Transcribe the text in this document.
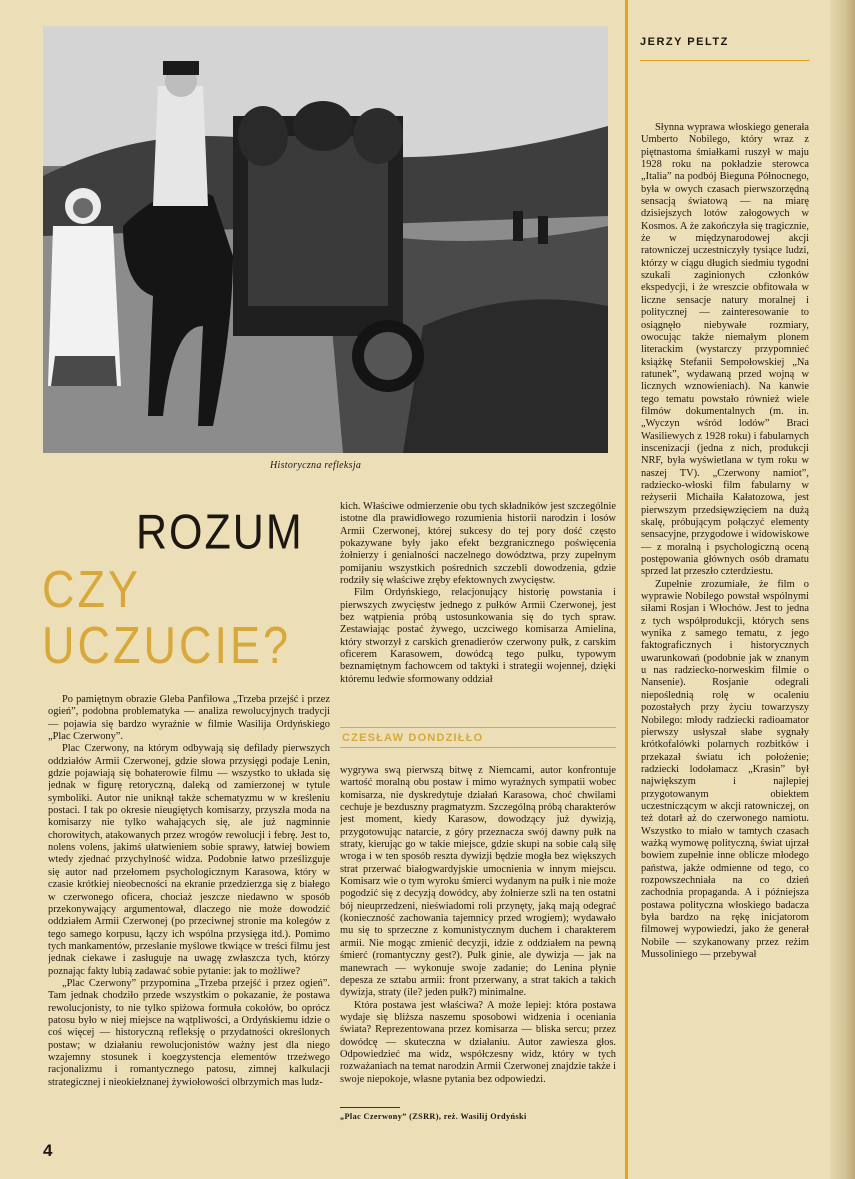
Historyczna refleksja
ROZUM
CZY
UCZUCIE?

Po pamiętnym obrazie Gleba Panfiłowa „Trzeba przejść i przez ogień”, podobna problematyka — analiza rewolucyjnych tradycji — pojawia się bardzo wyraźnie w filmie Wasilija Ordyńskiego „Plac Czerwony”.

Plac Czerwony, na którym odbywają się defilady pierwszych oddziałów Armii Czerwonej, gdzie słowa przysięgi podaje Lenin, gdzie pojawiają się bohaterowie filmu — wszystko to układa się jednak w figurę retoryczną, daleką od zamierzonej w tytule symboliki. Autor nie uniknął także schematyzmu w w kreśleniu postaci. I tak po okresie nieugiętych komisarzy, przyszła moda na komisarzy nie tylko wahających się, ale już nagminnie chorowitych, atakowanych przez wrogów rewolucji i febrę. Jest to, nolens volens, jakimś ułatwieniem sobie sprawy, łatwiej bowiem wtedy zjednać przychylność widza. Podobnie łatwo prześlizguje się autor nad przełomem psychologicznym Karasowa, który w czasie krótkiej nieobecności na ekranie przedzierzga się z białego w czerwonego oficera, chociaż jeszcze niedawno w sposób przekonywający argumentował, dlaczego nie może dowodzić oddziałem Armii Czerwonej (po przeciwnej stronie ma kolegów z tego samego korpusu, łączy ich wspólna przysięga itd.). Pomimo tych mankamentów, przesłanie myślowe tkwiące w treści filmu jest jednak ciekawe i zasługuje na uwagę zwłaszcza tych, którzy poznając fakty lubią zadawać sobie pytanie: jak to możliwe?

„Plac Czerwony” przypomina „Trzeba przejść i przez ogień”. Tam jednak chodziło przede wszystkim o pokazanie, że postawa rewolucjonisty, to nie tylko spiżowa formuła cokołów, bo oprócz patosu było w niej miejsce na wątpliwości, a Ordyńskiemu idzie o coś więcej — historyczną refleksję o przydatności określonych postaw; w działaniu rewolucjonistów ważny jest dla niego wzajemny stosunek i koegzystencja elementów trzeźwego racjonalizmu i romantycznego patosu, zimnej kalkulacji strategicznej i nieokiełznanej żywiołowości olbrzymich mas ludz-

kich. Właściwe odmierzenie obu tych składników jest szczególnie istotne dla prawidłowego rozumienia historii narodzin i losów Armii Czerwonej, której sukcesy do tej pory dość często pokazywane były jako efekt bezgranicznego poświęcenia żołnierzy i genialności naczelnego dowództwa, przy zupełnym pomijaniu wszystkich pośrednich szczebli dowodzenia, gdzie rodziły się właściwe zręby efektownych zwycięstw.

Film Ordyńskiego, relacjonujący historię powstania i pierwszych zwycięstw jednego z pułków Armii Czerwonej, jest bez wątpienia próbą ustosunkowania się do tych spraw. Zestawiając postać żywego, uczciwego komisarza Amielina, który stworzył z carskich grenadierów czerwony pułk, z carskim oficerem Karasowem, dowódcą tego pułku, typowym beznamiętnym fachowcem od taktyki i strategii wojennej, dzięki któremu ledwie sformowany oddział

CZESŁAW DONDZIŁŁO

wygrywa swą pierwszą bitwę z Niemcami, autor konfrontuje wartość moralną obu postaw i mimo wyraźnych sympatii wobec komisarza, nie dyskredytuje działań Karasowa, choć chwilami cechuje je bezduszny pragmatyzm. Szczególną próbą charakterów jest moment, kiedy Karasow, dowodzący już dywizją, przygotowując natarcie, z góry przeznacza swój dawny pułk na straty, kierując go w takie miejsce, gdzie skupi na sobie całą siłę wroga i w ten sposób reszta dywizji będzie mogła bez większych strat przerwać białogwardyjskie umocnienia w innym miejscu. Komisarz wie o tym wyroku śmierci wydanym na pułk i nie może pogodzić się z decyzją dowódcy, aby żołnierze szli na ten ostatni bój nieuprzedzeni, nieświadomi roli przynęty, jaką mają odegrać (konieczność zachowania tajemnicy przed wrogiem); wydawało mu się to sprzeczne z komunistycznym duchem i charakterem armii. Nie mogąc zmienić decyzji, idzie z oddziałem na pewną śmierć (romantyczny gest?). Pułk ginie, ale dywizja — jak na manewrach — wykonuje swoje zadanie; do Lenina płynie depesza ze sztabu armii: front przerwany, a strat takich a takich dywizja, straty (ile? jeden pułk?) minimalne.

Która postawa jest właściwa? A może lepiej: która postawa wydaje się bliższa naszemu sposobowi widzenia i oceniania świata? Reprezentowana przez komisarza — bliska sercu; przez dowódcę — skuteczna w działaniu. Autor zawiesza głos. Odpowiedzieć ma widz, współczesny widz, który w tych rozważaniach na temat narodzin Armii Czerwonej znajdzie także i swoje niepokoje, własne pytania bez odpowiedzi.

„Plac Czerwony” (ZSRR), reż. Wasilij Ordyński
JERZY PELTZ

Słynna wyprawa włoskiego generała Umberto Nobilego, który wraz z piętnastoma śmiałkami ruszył w maju 1928 roku na pokładzie sterowca „Italia” na podbój Bieguna Północnego, była w owych czasach pierwszorzędną sensacją światową — na miarę dzisiejszych lotów załogowych w Kosmos. A że zakończyła się tragicznie, że w międzynarodowej akcji ratowniczej uczestniczyły tysiące ludzi, którzy w ciągu długich siedmiu tygodni szukali zaginionych członków ekspedycji, i że wreszcie obfitowała w liczne sensacje natury moralnej i politycznej — zainteresowanie to osiągnęło niebywałe rozmiary, owocując także niemałym plonem literackim (wystarczy przypomnieć książkę Stefanii Sempołowskiej „Na ratunek”, wydawaną przed wojną w licznych wznowieniach). Na kanwie tego tematu powstało również wiele filmów dokumentalnych (m. in. „Wyczyn wśród lodów” Braci Wasiliewych z 1928 roku) i fabularnych inscenizacji (jedna z nich, produkcji NRF, była wyświetlana w tym roku w naszej TV). „Czerwony namiot”, radziecko-włoski film fabularny w reżyserii Michaiła Kałatozowa, jest pierwszym przedsięwzięciem na dużą skalę, próbującym połączyć elementy sensacyjne, przygodowe i widowiskowe — z moralną i psychologiczną oceną postępowania głównych osób dramatu sprzed lat przeszło czterdziestu.

Zupełnie zrozumiałe, że film o wyprawie Nobilego powstał wspólnymi siłami Rosjan i Włochów. Jest to jedna z tych współprodukcji, których sens wynika z samego tematu, z jego faktograficznych i historycznych uwarunkowań (podobnie jak w znanym u nas radziecko-norweskim filmie o Nansenie). Rosjanie odegrali niepoślednią rolę w ocaleniu pozostałych przy życiu towarzyszy Nobilego: młody radziecki radioamator pierwszy usłyszał słabe sygnały krótkofalówki polarnych rozbitków i przekazał światu ich położenie; radziecki lodołamacz „Krasin” był największym i najlepiej przygotowanym obiektem uczestniczącym w akcji ratowniczej, on też dotarł aż do czerwonego namiotu. Wszystko to miało w tamtych czasach ważką wymowę polityczną, świat ujrzał bowiem zupełnie inne oblicze młodego państwa, jakże odmienne od tego, co rozpowszechniała na co dzień zachodnia propaganda. A i późniejsza postawa polityczna włoskiego badacza była bardzo na rękę inicjatorom filmowej wypowiedzi, jako że generał Nobile — szykanowany przez reżim Mussoliniego — przebywał

4
